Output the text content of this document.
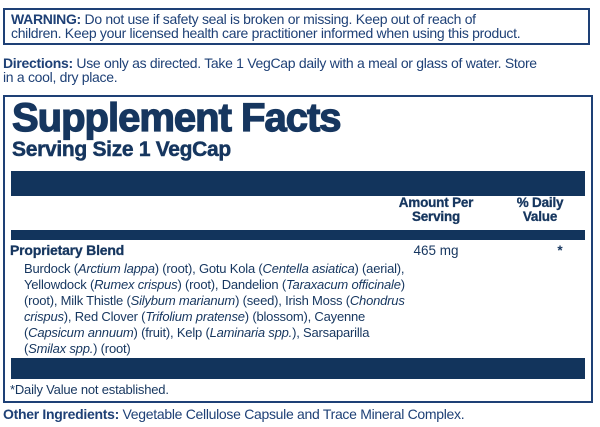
WARNING: Do not use if safety seal is broken or missing. Keep out of reach of
children. Keep your licensed health care practitioner informed when using this product.
Directions: Use only as directed. Take 1 VegCap daily with a meal or glass of water. Store
in a cool, dry place.
Supplement Facts
Serving Size 1 VegCap
Amount Per
Serving
% Daily
Value
Proprietary Blend	465 mg	*
Burdock (Arctium lappa) (root), Gotu Kola (Centella asiatica) (aerial),
Yellowdock (Rumex crispus) (root), Dandelion (Taraxacum officinale)
(root), Milk Thistle (Silybum marianum) (seed), Irish Moss (Chondrus
crispus), Red Clover (Trifolium pratense) (blossom), Cayenne
(Capsicum annuum) (fruit), Kelp (Laminaria spp.), Sarsaparilla
(Smilax spp.) (root)
*Daily Value not established.
Other Ingredients: Vegetable Cellulose Capsule and Trace Mineral Complex.
